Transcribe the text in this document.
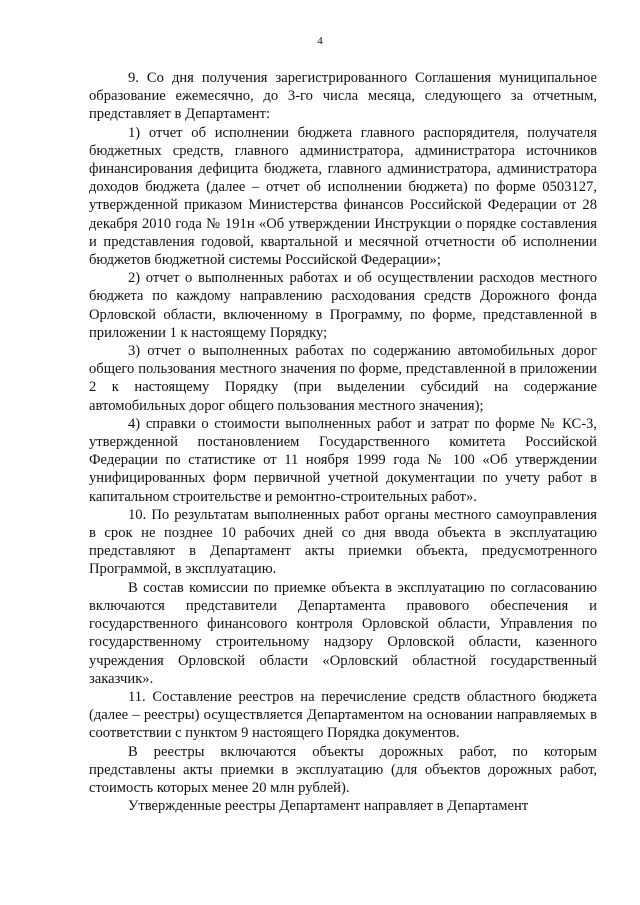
4

9. Со дня получения зарегистрированного Соглашения муниципальное образование ежемесячно, до 3-го числа месяца, следующего за отчетным, представляет в Департамент:

1) отчет об исполнении бюджета главного распорядителя, получателя бюджетных средств, главного администратора, администратора источников финансирования дефицита бюджета, главного администратора, администратора доходов бюджета (далее – отчет об исполнении бюджета) по форме 0503127, утвержденной приказом Министерства финансов Российской Федерации от 28 декабря 2010 года № 191н «Об утверждении Инструкции о порядке составления и представления годовой, квартальной и месячной отчетности об исполнении бюджетов бюджетной системы Российской Федерации»;

2) отчет о выполненных работах и об осуществлении расходов местного бюджета по каждому направлению расходования средств Дорожного фонда Орловской области, включенному в Программу, по форме, представленной в приложении 1 к настоящему Порядку;

3) отчет о выполненных работах по содержанию автомобильных дорог общего пользования местного значения по форме, представленной в приложении 2 к настоящему Порядку (при выделении субсидий на содержание автомобильных дорог общего пользования местного значения);

4) справки о стоимости выполненных работ и затрат по форме № КС-3, утвержденной постановлением Государственного комитета Российской Федерации по статистике от 11 ноября 1999 года № 100 «Об утверждении унифицированных форм первичной учетной документации по учету работ в капитальном строительстве и ремонтно-строительных работ».

10. По результатам выполненных работ органы местного самоуправления в срок не позднее 10 рабочих дней со дня ввода объекта в эксплуатацию представляют в Департамент акты приемки объекта, предусмотренного Программой, в эксплуатацию.

В состав комиссии по приемке объекта в эксплуатацию по согласованию включаются представители Департамента правового обеспечения и государственного финансового контроля Орловской области, Управления по государственному строительному надзору Орловской области, казенного учреждения Орловской области «Орловский областной государственный заказчик».

11. Составление реестров на перечисление средств областного бюджета (далее – реестры) осуществляется Департаментом на основании направляемых в соответствии с пунктом 9 настоящего Порядка документов.

В реестры включаются объекты дорожных работ, по которым представлены акты приемки в эксплуатацию (для объектов дорожных работ, стоимость которых менее 20 млн рублей).

Утвержденные реестры Департамент направляет в Департамент
